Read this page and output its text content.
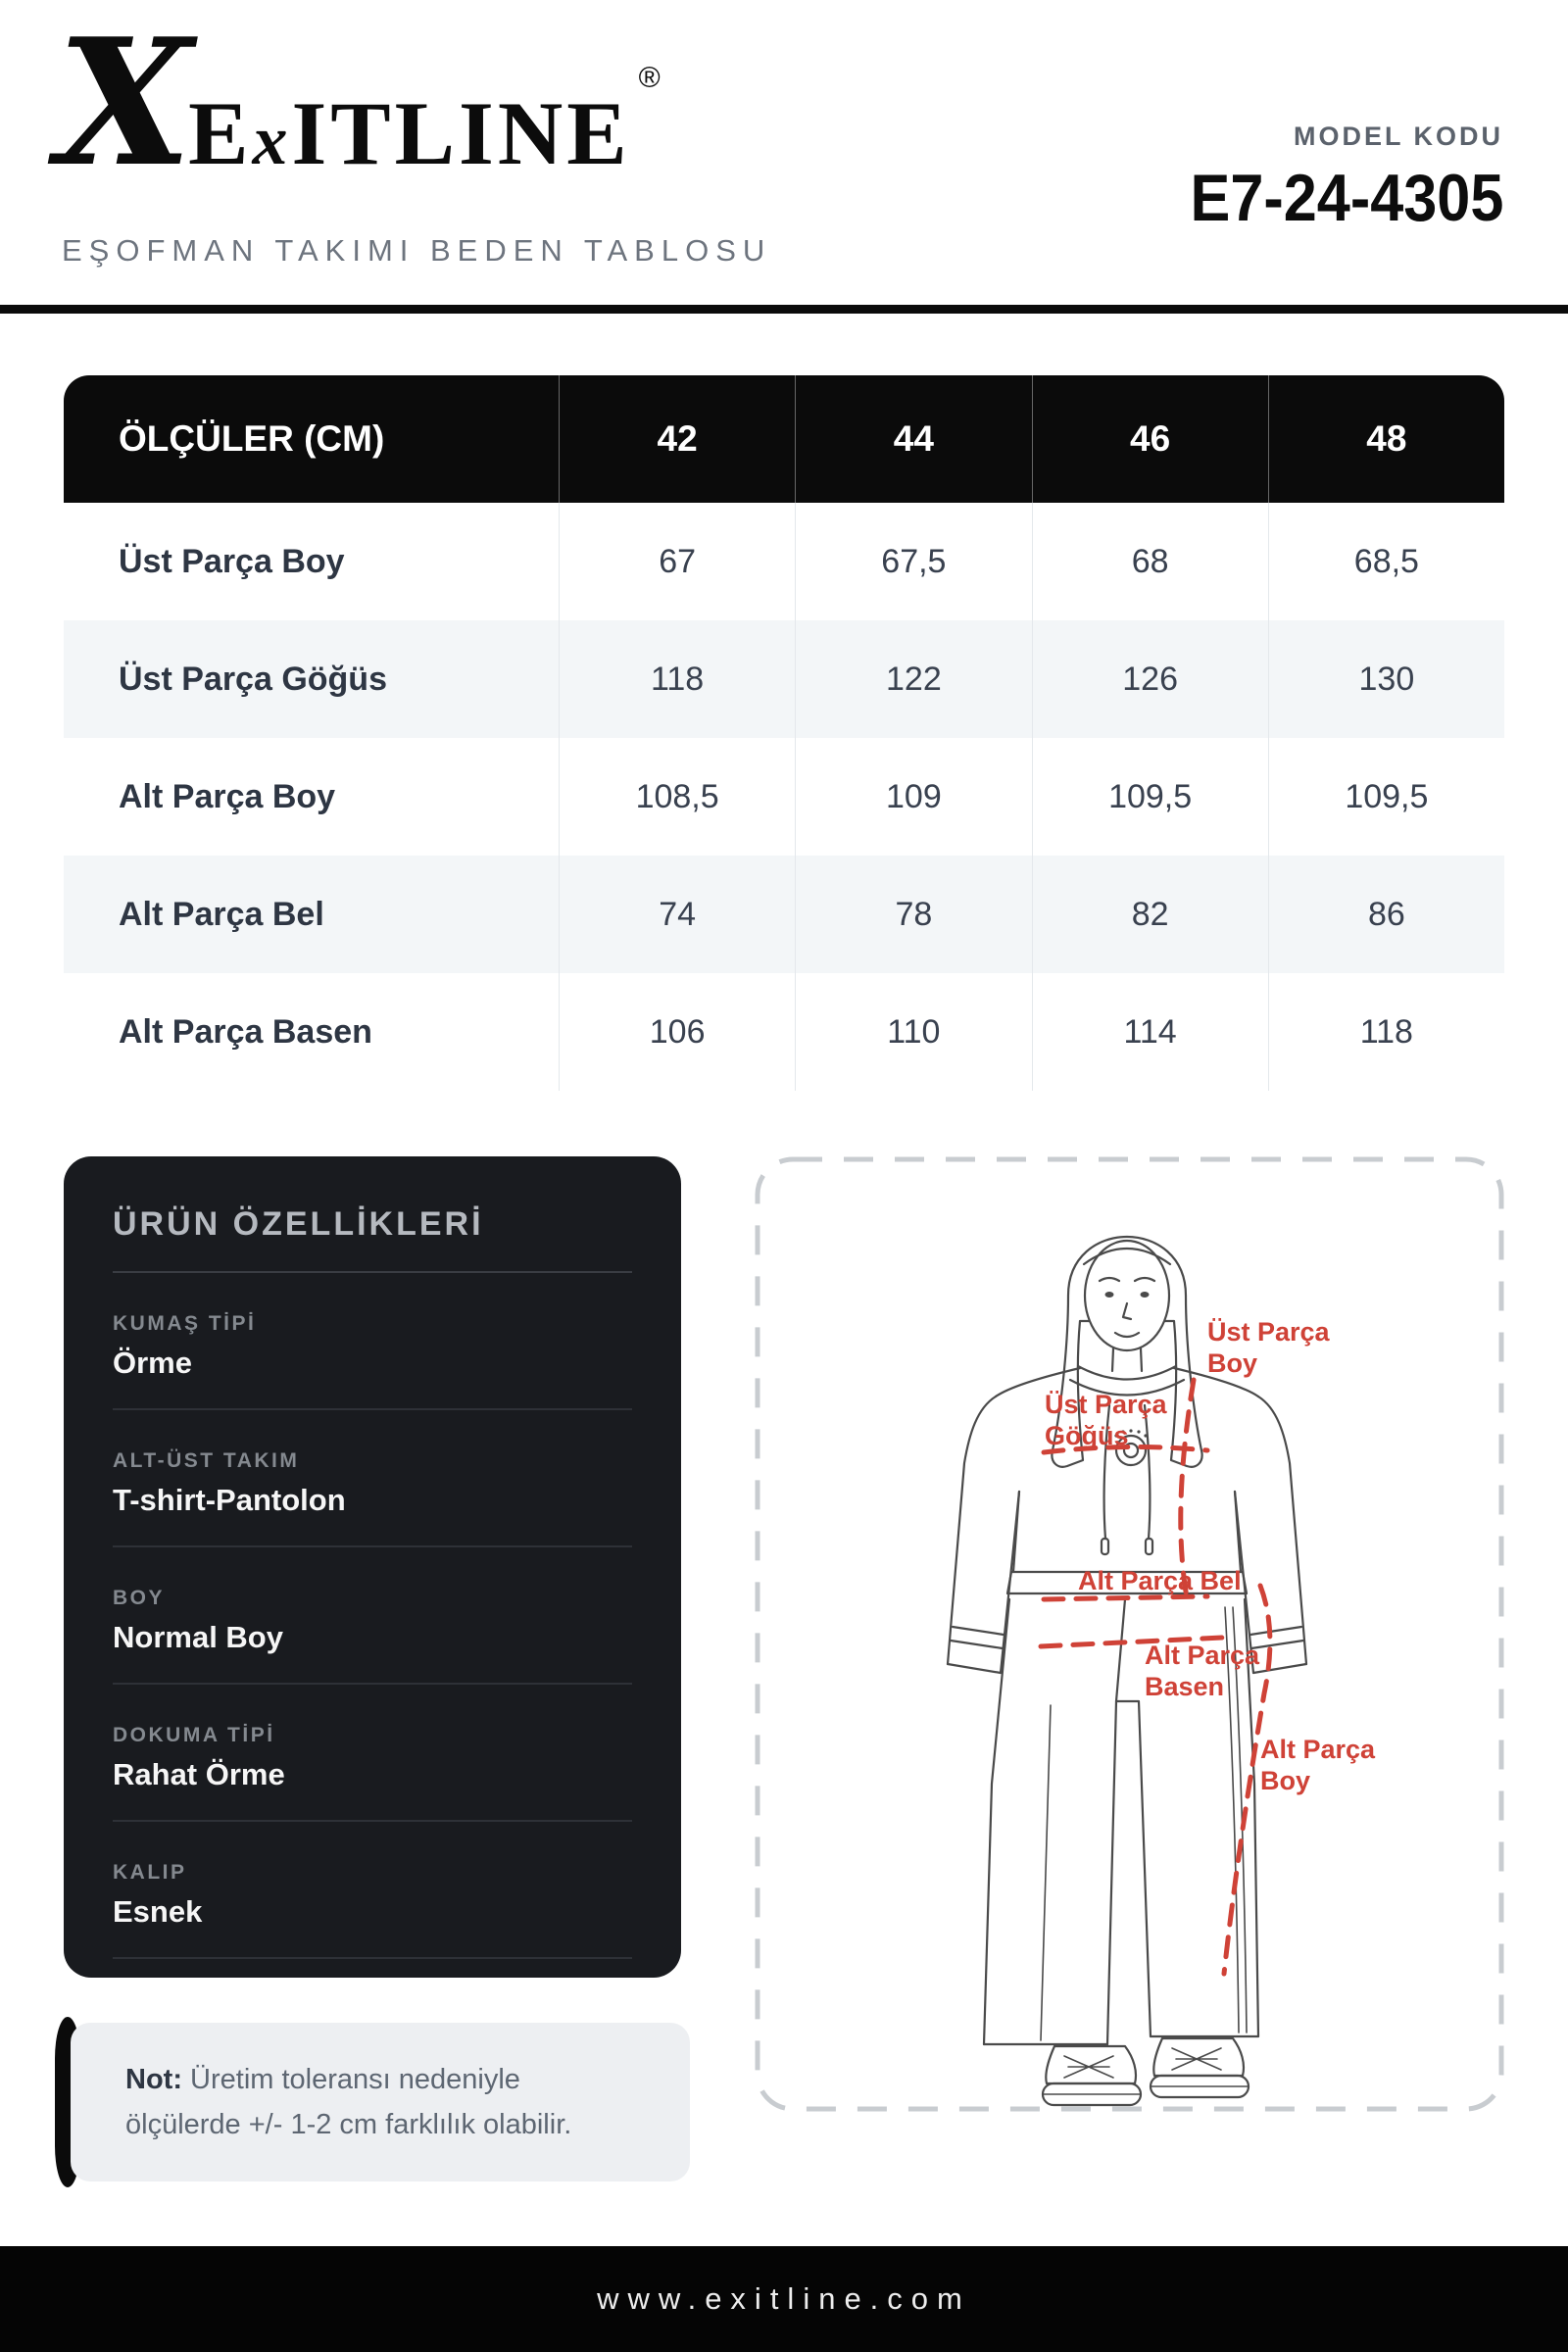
X ExITLINE
®
EŞOFMAN TAKIMI BEDEN TABLOSU
MODEL KODU
E7-24-4305
ÖLÇÜLER (CM)	42	44	46	48
Üst Parça Boy	67	67,5	68	68,5
Üst Parça Göğüs	118	122	126	130
Alt Parça Boy	108,5	109	109,5	109,5
Alt Parça Bel	74	78	82	86
Alt Parça Basen	106	110	114	118
ÜRÜN ÖZELLİKLERİ
KUMAŞ TİPİ
Örme
ALT-ÜST TAKIM
T-shirt-Pantolon
BOY
Normal Boy
DOKUMA TİPİ
Rahat Örme
KALIP
Esnek
Üst Parça
Boy
Üst Parça
Göğüs
Alt Parça Bel
Alt Parça
Basen
Alt Parça
Boy

Not: Üretim toleransı nedeniyle ölçülerde +/- 1-2 cm farklılık olabilir.

www.exitline.com
